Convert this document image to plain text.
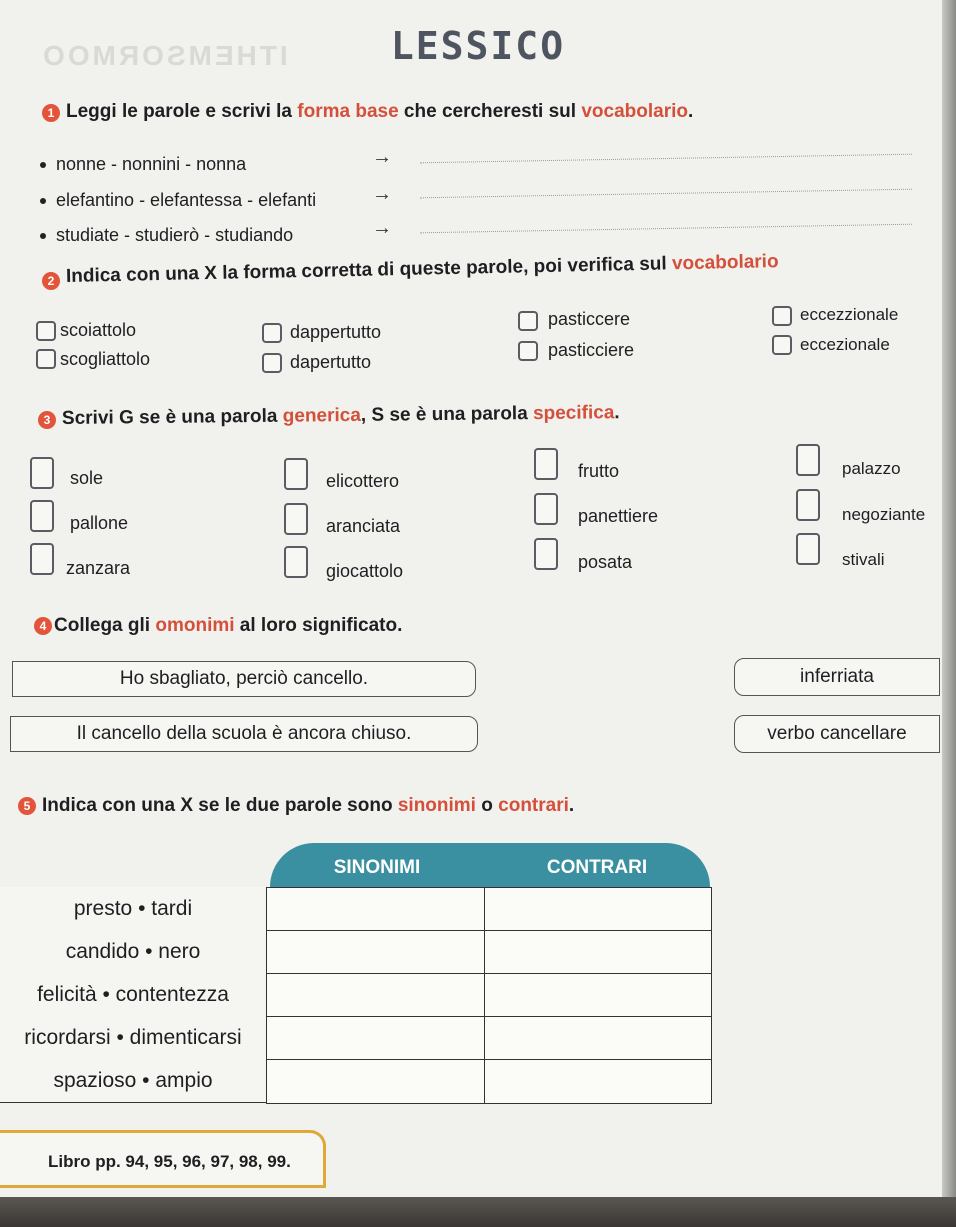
ITHEMSORMOO	LESSICO
1 Leggi le parole e scrivi la forma base che cercheresti sul vocabolario.
nonne - nonnini - nonna	→
elefantino - elefantessa - elefanti	→
studiate - studierò - studiando	→
2 Indica con una X la forma corretta di queste parole, poi verifica sul vocabolario
scoiattolo
scogliattolo
dappertutto
dapertutto
pasticcere
pasticciere
eccezzionale
eccezionale
3 Scrivi G se è una parola generica, S se è una parola specifica.
sole
pallone
zanzara
elicottero
aranciata
giocattolo
frutto
panettiere
posata
palazzo
negoziante
stivali
4 Collega gli omonimi al loro significato.
Ho sbagliato, perciò cancello.
Il cancello della scuola è ancora chiuso.
inferriata
verbo cancellare
5 Indica con una X se le due parole sono sinonimi o contrari.
SINONIMI	CONTRARI
presto • tardi
candido • nero
felicità • contentezza
ricordarsi • dimenticarsi
spazioso • ampio
Libro pp. 94, 95, 96, 97, 98, 99.
